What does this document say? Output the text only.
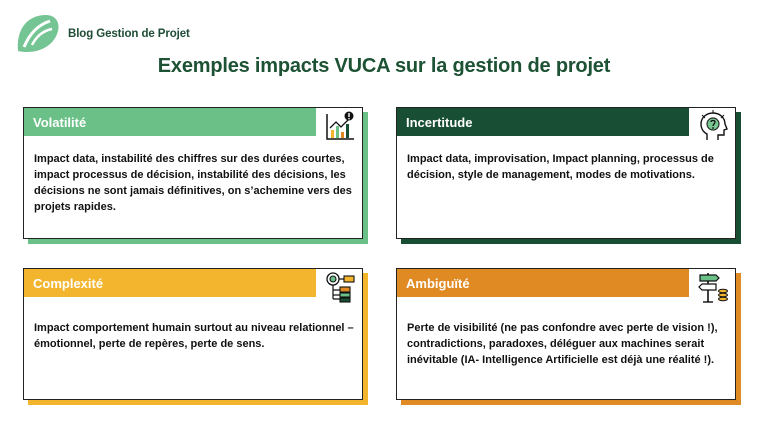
Blog Gestion de Projet
Exemples impacts VUCA sur la gestion de projet
Volatilité

Impact data, instabilité des chiffres sur des durées courtes, impact processus de décision, instabilité des décisions, les décisions ne sont jamais définitives, on s’achemine vers des projets rapides.

Incertitude

Impact data, improvisation, Impact planning, processus de décision, style de management, modes de motivations.

Complexité

Impact comportement humain surtout au niveau relationnel – émotionnel, perte de repères, perte de sens.

Ambiguïté

Perte de visibilité (ne pas confondre avec perte de vision !), contradictions, paradoxes, déléguer aux machines serait inévitable (IA- Intelligence Artificielle est déjà une réalité !).
